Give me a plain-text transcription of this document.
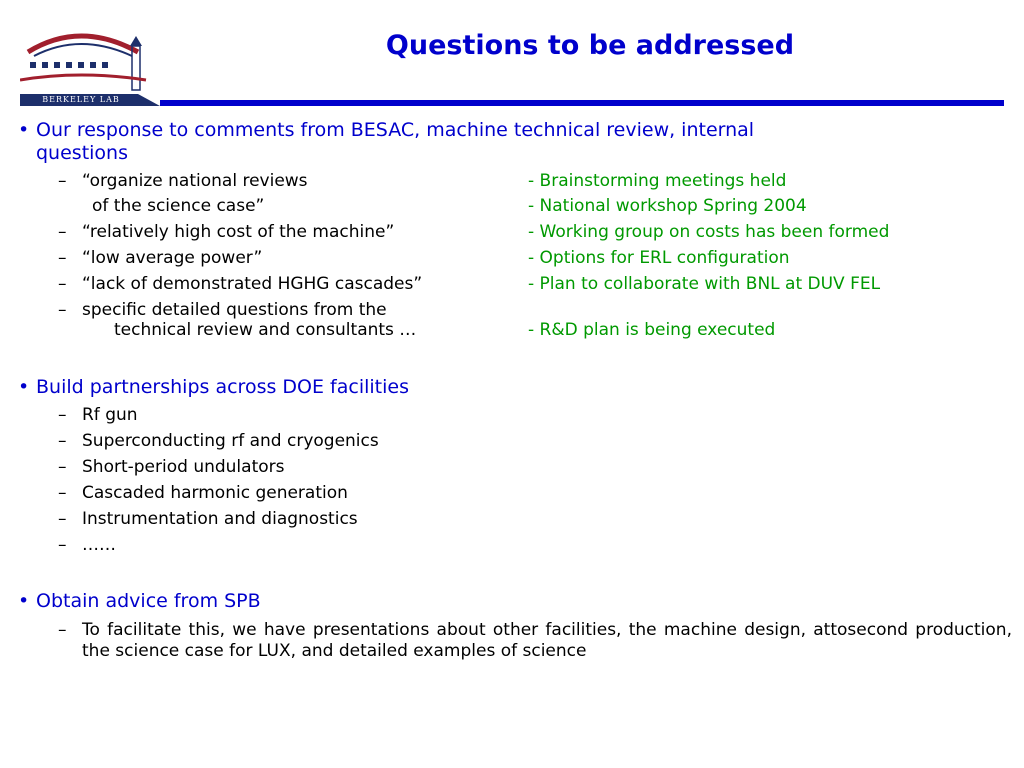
BERKELEY LAB
Questions to be addressed
• Our response to comments from BESAC, machine technical review, internal
questions
– “organize national reviews	- Brainstorming meetings held
of the science case”	- National workshop Spring 2004
– “relatively high cost of the machine”	- Working group on costs has been formed
– “low average power”	- Options for ERL configuration
– “lack of demonstrated HGHG cascades”	- Plan to collaborate with BNL at DUV FEL
– specific detailed questions from the
technical review and consultants …	- R&D plan is being executed
• Build partnerships across DOE facilities
– Rf gun
– Superconducting rf and cryogenics
– Short-period undulators
– Cascaded harmonic generation
– Instrumentation and diagnostics
– ……
• Obtain advice from SPB
– To facilitate this, we have presentations about other facilities, the machine design, attosecond production, the science case for LUX, and detailed examples of science
